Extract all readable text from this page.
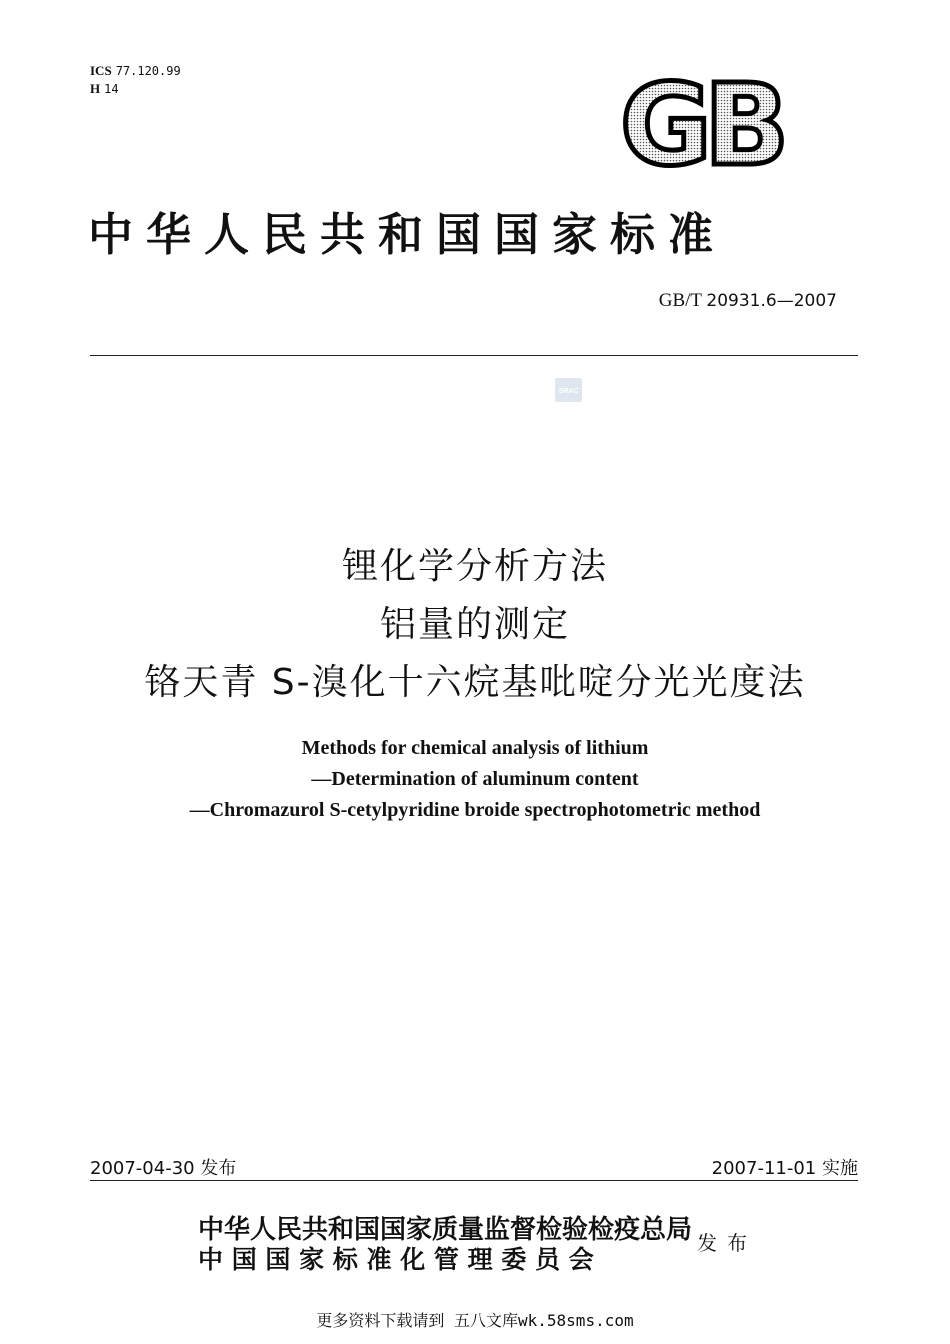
ICS 77.120.99
H 14	GB
中华人民共和国国家标准
GB/T 20931.6—2007
SRAC
锂化学分析方法
铝量的测定
铬天青 S-溴化十六烷基吡啶分光光度法
Methods for chemical analysis of lithium
—Determination of aluminum content
—Chromazurol S-cetylpyridine broide spectrophotometric method
2007-04-30 发布	2007-11-01 实施
中华人民共和国国家质量监督检验检疫总局
中 国 国 家 标 准 化 管 理 委 员 会
发布
更多资料下载请到 五八文库wk.58sms.com
